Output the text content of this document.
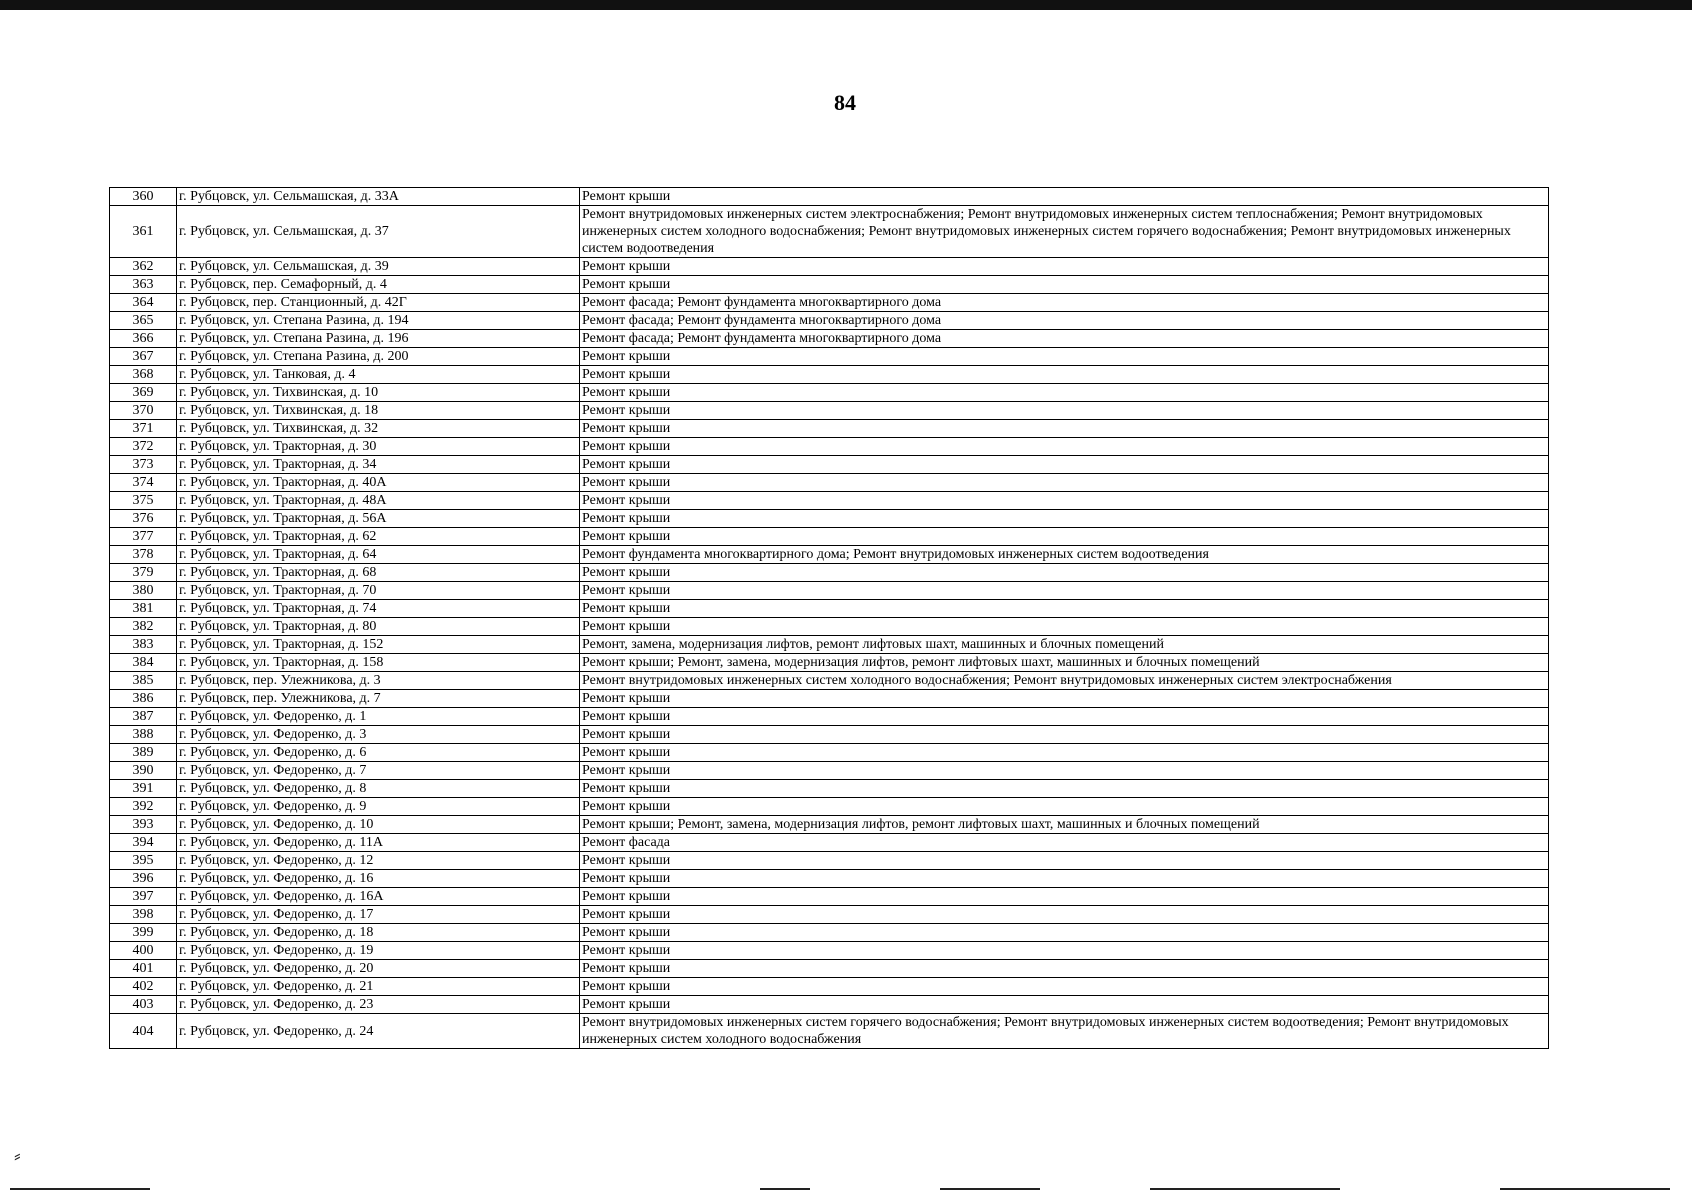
84
360	г. Рубцовск, ул. Сельмашская, д. 33А	Ремонт крыши
361	г. Рубцовск, ул. Сельмашская, д. 37	Ремонт внутридомовых инженерных систем электроснабжения; Ремонт внутридомовых инженерных систем теплоснабжения; Ремонт внутридомовых инженерных систем холодного водоснабжения; Ремонт внутридомовых инженерных систем горячего водоснабжения; Ремонт внутридомовых инженерных систем водоотведения
362	г. Рубцовск, ул. Сельмашская, д. 39	Ремонт крыши
363	г. Рубцовск, пер. Семафорный, д. 4	Ремонт крыши
364	г. Рубцовск, пер. Станционный, д. 42Г	Ремонт фасада; Ремонт фундамента многоквартирного дома
365	г. Рубцовск, ул. Степана Разина, д. 194	Ремонт фасада; Ремонт фундамента многоквартирного дома
366	г. Рубцовск, ул. Степана Разина, д. 196	Ремонт фасада; Ремонт фундамента многоквартирного дома
367	г. Рубцовск, ул. Степана Разина, д. 200	Ремонт крыши
368	г. Рубцовск, ул. Танковая, д. 4	Ремонт крыши
369	г. Рубцовск, ул. Тихвинская, д. 10	Ремонт крыши
370	г. Рубцовск, ул. Тихвинская, д. 18	Ремонт крыши
371	г. Рубцовск, ул. Тихвинская, д. 32	Ремонт крыши
372	г. Рубцовск, ул. Тракторная, д. 30	Ремонт крыши
373	г. Рубцовск, ул. Тракторная, д. 34	Ремонт крыши
374	г. Рубцовск, ул. Тракторная, д. 40А	Ремонт крыши
375	г. Рубцовск, ул. Тракторная, д. 48А	Ремонт крыши
376	г. Рубцовск, ул. Тракторная, д. 56А	Ремонт крыши
377	г. Рубцовск, ул. Тракторная, д. 62	Ремонт крыши
378	г. Рубцовск, ул. Тракторная, д. 64	Ремонт фундамента многоквартирного дома; Ремонт внутридомовых инженерных систем водоотведения
379	г. Рубцовск, ул. Тракторная, д. 68	Ремонт крыши
380	г. Рубцовск, ул. Тракторная, д. 70	Ремонт крыши
381	г. Рубцовск, ул. Тракторная, д. 74	Ремонт крыши
382	г. Рубцовск, ул. Тракторная, д. 80	Ремонт крыши
383	г. Рубцовск, ул. Тракторная, д. 152	Ремонт, замена, модернизация лифтов, ремонт лифтовых шахт, машинных и блочных помещений
384	г. Рубцовск, ул. Тракторная, д. 158	Ремонт крыши; Ремонт, замена, модернизация лифтов, ремонт лифтовых шахт, машинных и блочных помещений
385	г. Рубцовск, пер. Улежникова, д. 3	Ремонт внутридомовых инженерных систем холодного водоснабжения; Ремонт внутридомовых инженерных систем электроснабжения
386	г. Рубцовск, пер. Улежникова, д. 7	Ремонт крыши
387	г. Рубцовск, ул. Федоренко, д. 1	Ремонт крыши
388	г. Рубцовск, ул. Федоренко, д. 3	Ремонт крыши
389	г. Рубцовск, ул. Федоренко, д. 6	Ремонт крыши
390	г. Рубцовск, ул. Федоренко, д. 7	Ремонт крыши
391	г. Рубцовск, ул. Федоренко, д. 8	Ремонт крыши
392	г. Рубцовск, ул. Федоренко, д. 9	Ремонт крыши
393	г. Рубцовск, ул. Федоренко, д. 10	Ремонт крыши; Ремонт, замена, модернизация лифтов, ремонт лифтовых шахт, машинных и блочных помещений
394	г. Рубцовск, ул. Федоренко, д. 11А	Ремонт фасада
395	г. Рубцовск, ул. Федоренко, д. 12	Ремонт крыши
396	г. Рубцовск, ул. Федоренко, д. 16	Ремонт крыши
397	г. Рубцовск, ул. Федоренко, д. 16А	Ремонт крыши
398	г. Рубцовск, ул. Федоренко, д. 17	Ремонт крыши
399	г. Рубцовск, ул. Федоренко, д. 18	Ремонт крыши
400	г. Рубцовск, ул. Федоренко, д. 19	Ремонт крыши
401	г. Рубцовск, ул. Федоренко, д. 20	Ремонт крыши
402	г. Рубцовск, ул. Федоренко, д. 21	Ремонт крыши
403	г. Рубцовск, ул. Федоренко, д. 23	Ремонт крыши
404	г. Рубцовск, ул. Федоренко, д. 24	Ремонт внутридомовых инженерных систем горячего водоснабжения; Ремонт внутридомовых инженерных систем водоотведения; Ремонт внутридомовых инженерных систем холодного водоснабжения
⸗
